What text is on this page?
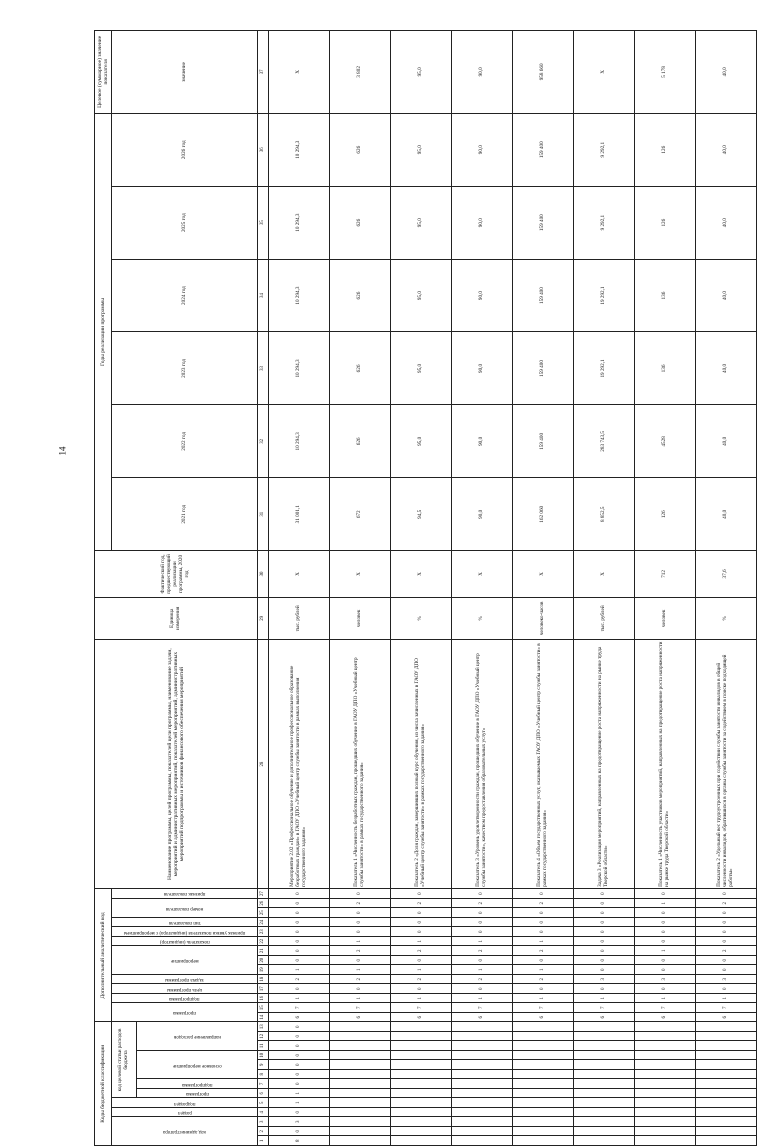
14
Коды бюджетной классификации													Дополнительный аналитический код														Наименование программы, целей программы, показателей цели программы, наименование задачи, мероприятий и административных мероприятий, показателей мероприятий, административных мероприятий подпрограммы и источников финансового обеспечения мероприятий	Единица измерения	Фактический год, предшествующий реализации программы, 2020 год	Годы реализации программы						Целевое (суммарное) значение показателя

код администратора			раздел	подраздел	код целевой статьи расходов бюджета								программа		подпрограмма	цель программы	задача программы	мероприятие			показатель (индикатор)	признак увязки показателя (индикатора) с мероприятием	тип показателя	номер показателя		признак показателя				2021 год	2022 год	2023 год	2024 год	2025 год	2026 год	значение

					программа	подпрограмма	основное мероприятие			направление расходов																										

1	2	3	4	5	6	7	8	9	10	11	12	13	14	15	16	17	18	19	20	21	22	23	24	25	26	27	28	29	30	31	32	33	34	35	36	37
8	0	3	0	1	1	0	0	0	0	0	0	0	6	7	1	0	2	1	0	0	0	0	0	0	0	0	Мероприятие 2.02 «Профессиональное обучение и дополнительное профессиональное образование безработных граждан» в ГАОУ ДПО «Учебный центр службы занятости в рамках выполнения государственного задания»	тыс. рублей	X	31 001,1	10 294,3	10 294,3	10 294,3	10 294,3	10 294,3	X
													6	7	1	0	2	1	0	2	1	0	0	0	2	0	Показатель 1 «Численность безработных граждан, прошедших обучение в ГАОУ ДПО «Учебный центр службы занятости» в рамках государственного задания»	человек	X	672	626	626	626	626	626	3 802
													6	7	1	0	2	1	0	2	1	0	0	0	2	0	Показатель 2 «Доля граждан, завершивших полный курс обучения, из числа зачисленных в ГАОУ ДПО «Учебный центр службы занятости» в рамках государственного задания»	%	X	94,5	95,0	95,0	95,0	95,0	95,0	95,0
													6	7	1	0	2	1	0	2	1	0	0	0	2	0	Показатель 3 «Уровень удовлетворенности граждан, прошедших обучение в ГАОУ ДПО «Учебный центр службы занятости», качеством предоставления образовательных услуг»	%	X	90,0	90,0	90,0	90,0	90,0	90,0	90,0
													6	7	1	0	2	1	0	2	1	0	0	0	2	0	Показатель 4 «Объем государственных услуг, оказываемых ГАОУ ДПО «Учебный центр службы занятости» в рамках государственного задания»	человеко-часов	X	162 060	159 400	159 400	159 400	159 400	159 400	958 660
													6	7	1	0	3	0	0	0	0	0	0	0	0	0	Задача 3 «Реализация мероприятий, направленных на предотвращение роста напряженности на рынке труда Тверской области»	тыс. рублей	X	8 852,5	283 743,5	19 292,1	19 292,1	9 292,1	9 292,1	X
													6	7	1	0	3	0	0	1	0	0	0	0	1	0	Показатель 1 «Численность участников мероприятий, направленных на предотвращение роста напряженности на рынке труда Тверской области»	человек	712	126	4528	136	136	126	126	5 178
													6	7	1	0	3	0	0	2	0	0	0	0	2	0	Показатель 2 «Удельный вес трудоустроенных при содействии службы занятости инвалидов в общей численности инвалидов, обратившихся в органы службы занятости за содействием в поиске подходящей работы»	%	37,6	40,0	40,0	40,0	40,0	40,0	40,0	40,0
